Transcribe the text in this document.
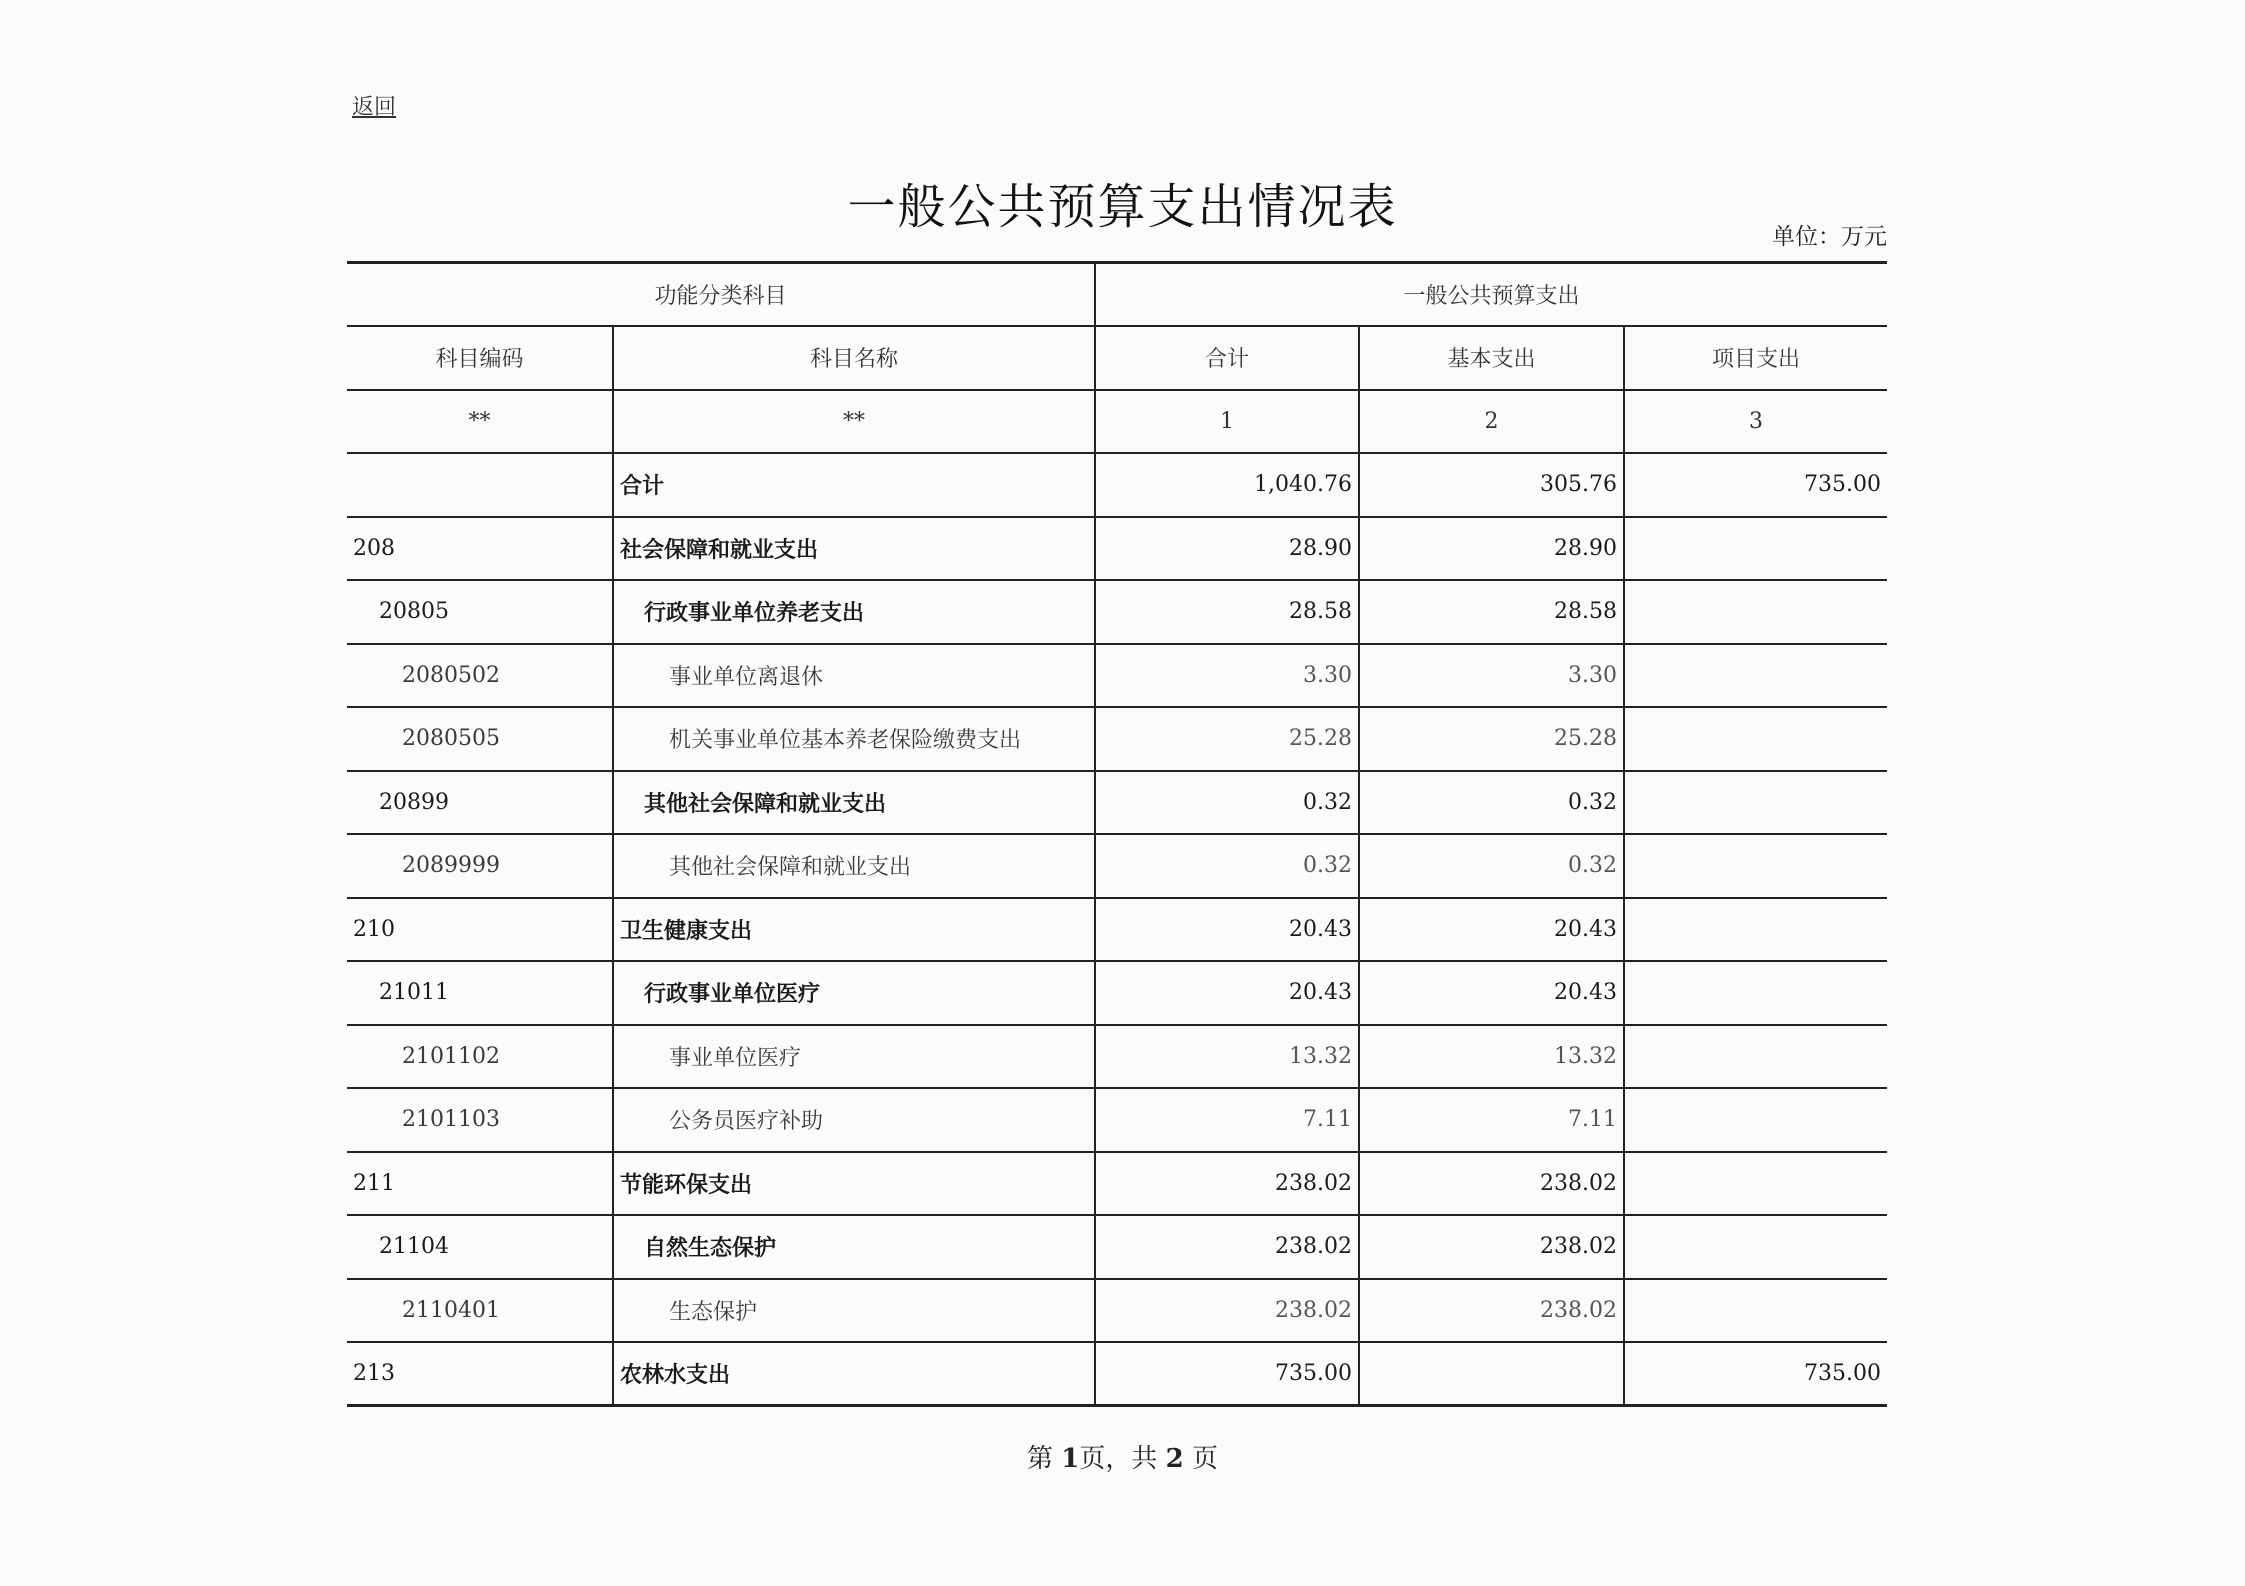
返回
一般公共预算支出情况表
单位：万元
功能分类科目		一般公共预算支出		
科目编码	科目名称	合计	基本支出	项目支出
**	**	1	2	3
	合计	1,040.76	305.76	735.00
208	社会保障和就业支出	28.90	28.90	
20805	行政事业单位养老支出	28.58	28.58	
2080502	事业单位离退休	3.30	3.30	
2080505	机关事业单位基本养老保险缴费支出	25.28	25.28	
20899	其他社会保障和就业支出	0.32	0.32	
2089999	其他社会保障和就业支出	0.32	0.32	
210	卫生健康支出	20.43	20.43	
21011	行政事业单位医疗	20.43	20.43	
2101102	事业单位医疗	13.32	13.32	
2101103	公务员医疗补助	7.11	7.11	
211	节能环保支出	238.02	238.02	
21104	自然生态保护	238.02	238.02	
2110401	生态保护	238.02	238.02	
213	农林水支出	735.00		735.00
第 1页，共 2 页
